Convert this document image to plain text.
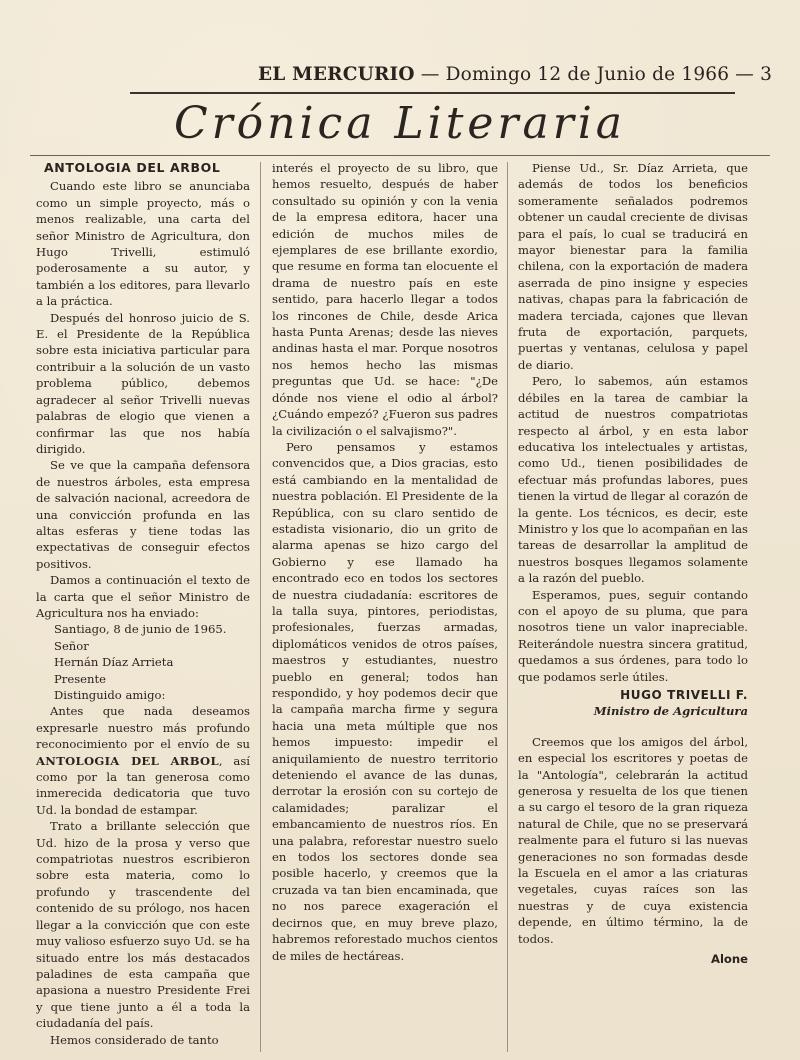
EL MERCURIO — Domingo 12 de Junio de 1966 — 3
Crónica Literaria
ANTOLOGIA DEL ARBOL

Cuando este libro se anunciaba como un simple proyecto, más o menos realizable, una carta del señor Ministro de Agricultura, don Hugo Trivelli, estimuló poderosamente a su autor, y también a los editores, para llevarlo a la práctica.

Después del honroso juicio de S. E. el Presidente de la República sobre esta iniciativa particular para contribuir a la solución de un vasto problema público, debemos agradecer al señor Trivelli nuevas palabras de elogio que vienen a confirmar las que nos había dirigido.

Se ve que la campaña defensora de nuestros árboles, esta empresa de salvación nacional, acreedora de una convicción profunda en las altas esferas y tiene todas las expectativas de conseguir efectos positivos.

Damos a continuación el texto de la carta que el señor Ministro de Agricultura nos ha enviado:

Santiago, 8 de junio de 1965.

Señor

Hernán Díaz Arrieta

Presente

Distinguido amigo:

Antes que nada deseamos expresarle nuestro más profundo reconocimiento por el envío de su ANTOLOGIA DEL ARBOL, así como por la tan generosa como inmerecida dedicatoria que tuvo Ud. la bondad de estampar.

Trato a brillante selección que Ud. hizo de la prosa y verso que compatriotas nuestros escribieron sobre esta materia, como lo profundo y trascendente del contenido de su prólogo, nos hacen llegar a la convicción que con este muy valioso esfuerzo suyo Ud. se ha situado entre los más destacados paladines de esta campaña que apasiona a nuestro Presidente Frei y que tiene junto a él a toda la ciudadanía del país.

Hemos considerado de tanto

interés el proyecto de su libro, que hemos resuelto, después de haber consultado su opinión y con la venia de la empresa editora, hacer una edición de muchos miles de ejemplares de ese brillante exordio, que resume en forma tan elocuente el drama de nuestro país en este sentido, para hacerlo llegar a todos los rincones de Chile, desde Arica hasta Punta Arenas; desde las nieves andinas hasta el mar. Porque nosotros nos hemos hecho las mismas preguntas que Ud. se hace: "¿De dónde nos viene el odio al árbol? ¿Cuándo empezó? ¿Fueron sus padres la civilización o el salvajismo?".

Pero pensamos y estamos convencidos que, a Dios gracias, esto está cambiando en la mentalidad de nuestra población. El Presidente de la República, con su claro sentido de estadista visionario, dio un grito de alarma apenas se hizo cargo del Gobierno y ese llamado ha encontrado eco en todos los sectores de nuestra ciudadanía: escritores de la talla suya, pintores, periodistas, profesionales, fuerzas armadas, diplomáticos venidos de otros países, maestros y estudiantes, nuestro pueblo en general; todos han respondido, y hoy podemos decir que la campaña marcha firme y segura hacia una meta múltiple que nos hemos impuesto: impedir el aniquilamiento de nuestro territorio deteniendo el avance de las dunas, derrotar la erosión con su cortejo de calamidades; paralizar el embancamiento de nuestros ríos. En una palabra, reforestar nuestro suelo en todos los sectores donde sea posible hacerlo, y creemos que la cruzada va tan bien encaminada, que no nos parece exageración el decirnos que, en muy breve plazo, habremos reforestado muchos cientos de miles de hectáreas.

Piense Ud., Sr. Díaz Arrieta, que además de todos los beneficios someramente señalados podremos obtener un caudal creciente de divisas para el país, lo cual se traducirá en mayor bienestar para la familia chilena, con la exportación de madera aserrada de pino insigne y especies nativas, chapas para la fabricación de madera terciada, cajones que llevan fruta de exportación, parquets, puertas y ventanas, celulosa y papel de diario.

Pero, lo sabemos, aún estamos débiles en la tarea de cambiar la actitud de nuestros compatriotas respecto al árbol, y en esta labor educativa los intelectuales y artistas, como Ud., tienen posibilidades de efectuar más profundas labores, pues tienen la virtud de llegar al corazón de la gente. Los técnicos, es decir, este Ministro y los que lo acompañan en las tareas de desarrollar la amplitud de nuestros bosques llegamos solamente a la razón del pueblo.

Esperamos, pues, seguir contando con el apoyo de su pluma, que para nosotros tiene un valor inapreciable. Reiterándole nuestra sincera gratitud, quedamos a sus órdenes, para todo lo que podamos serle útiles.

HUGO TRIVELLI F.
Ministro de Agricultura

Creemos que los amigos del árbol, en especial los escritores y poetas de la "Antología", celebrarán la actitud generosa y resuelta de los que tienen a su cargo el tesoro de la gran riqueza natural de Chile, que no se preservará realmente para el futuro si las nuevas generaciones no son formadas desde la Escuela en el amor a las criaturas vegetales, cuyas raíces son las nuestras y de cuya existencia depende, en último término, la de todos.

Alone
